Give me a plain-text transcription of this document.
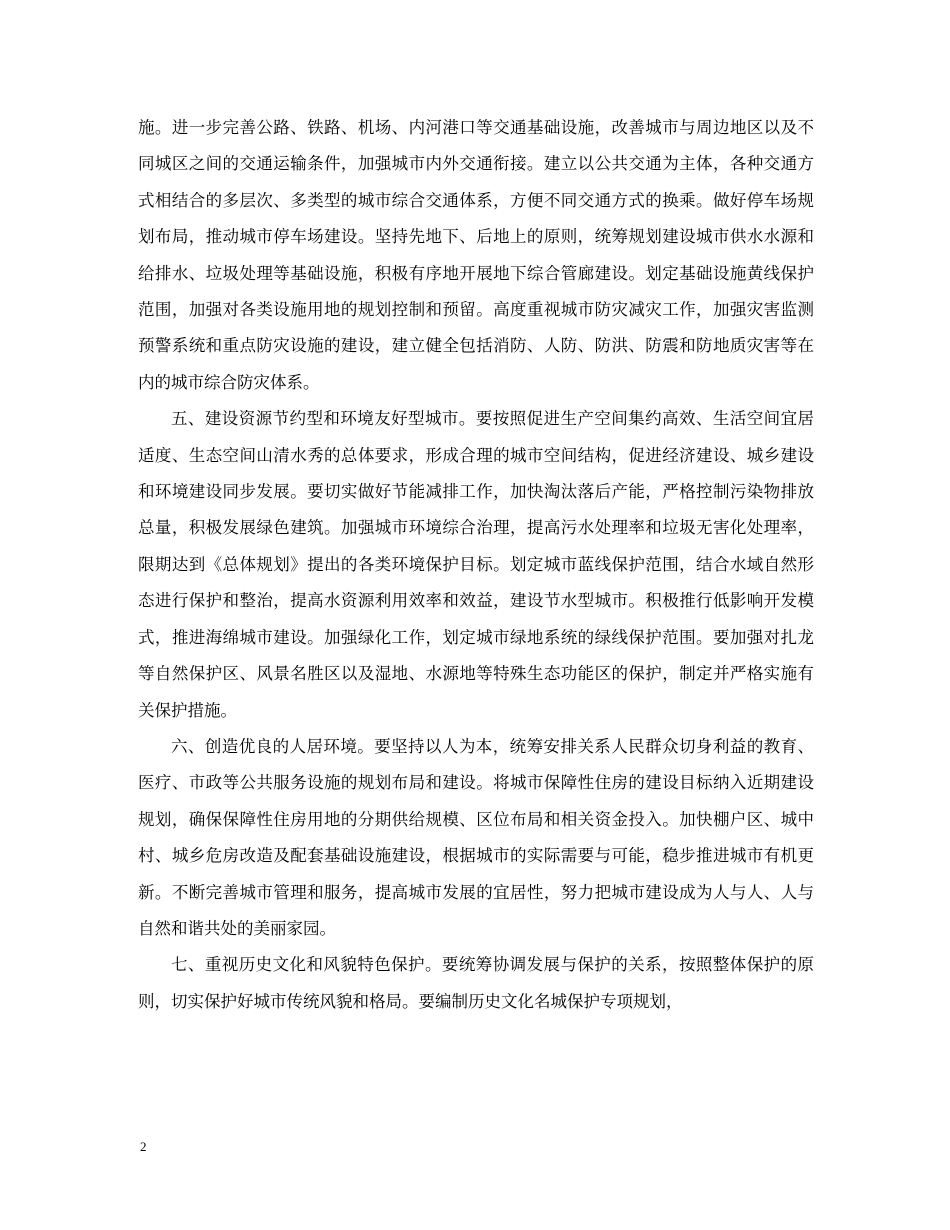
施。进一步完善公路、铁路、机场、内河港口等交通基础设施，改善城市与周边地区以及不同城区之间的交通运输条件，加强城市内外交通衔接。建立以公共交通为主体，各种交通方式相结合的多层次、多类型的城市综合交通体系，方便不同交通方式的换乘。做好停车场规划布局，推动城市停车场建设。坚持先地下、后地上的原则，统筹规划建设城市供水水源和给排水、垃圾处理等基础设施，积极有序地开展地下综合管廊建设。划定基础设施黄线保护范围，加强对各类设施用地的规划控制和预留。高度重视城市防灾减灾工作，加强灾害监测预警系统和重点防灾设施的建设，建立健全包括消防、人防、防洪、防震和防地质灾害等在内的城市综合防灾体系。

五、建设资源节约型和环境友好型城市。要按照促进生产空间集约高效、生活空间宜居适度、生态空间山清水秀的总体要求，形成合理的城市空间结构，促进经济建设、城乡建设和环境建设同步发展。要切实做好节能减排工作，加快淘汰落后产能，严格控制污染物排放总量，积极发展绿色建筑。加强城市环境综合治理，提高污水处理率和垃圾无害化处理率，限期达到《总体规划》提出的各类环境保护目标。划定城市蓝线保护范围，结合水域自然形态进行保护和整治，提高水资源利用效率和效益，建设节水型城市。积极推行低影响开发模式，推进海绵城市建设。加强绿化工作，划定城市绿地系统的绿线保护范围。要加强对扎龙等自然保护区、风景名胜区以及湿地、水源地等特殊生态功能区的保护，制定并严格实施有关保护措施。

六、创造优良的人居环境。要坚持以人为本，统筹安排关系人民群众切身利益的教育、医疗、市政等公共服务设施的规划布局和建设。将城市保障性住房的建设目标纳入近期建设规划，确保保障性住房用地的分期供给规模、区位布局和相关资金投入。加快棚户区、城中村、城乡危房改造及配套基础设施建设，根据城市的实际需要与可能，稳步推进城市有机更新。不断完善城市管理和服务，提高城市发展的宜居性，努力把城市建设成为人与人、人与自然和谐共处的美丽家园。

七、重视历史文化和风貌特色保护。要统筹协调发展与保护的关系，按照整体保护的原则，切实保护好城市传统风貌和格局。要编制历史文化名城保护专项规划，

2
